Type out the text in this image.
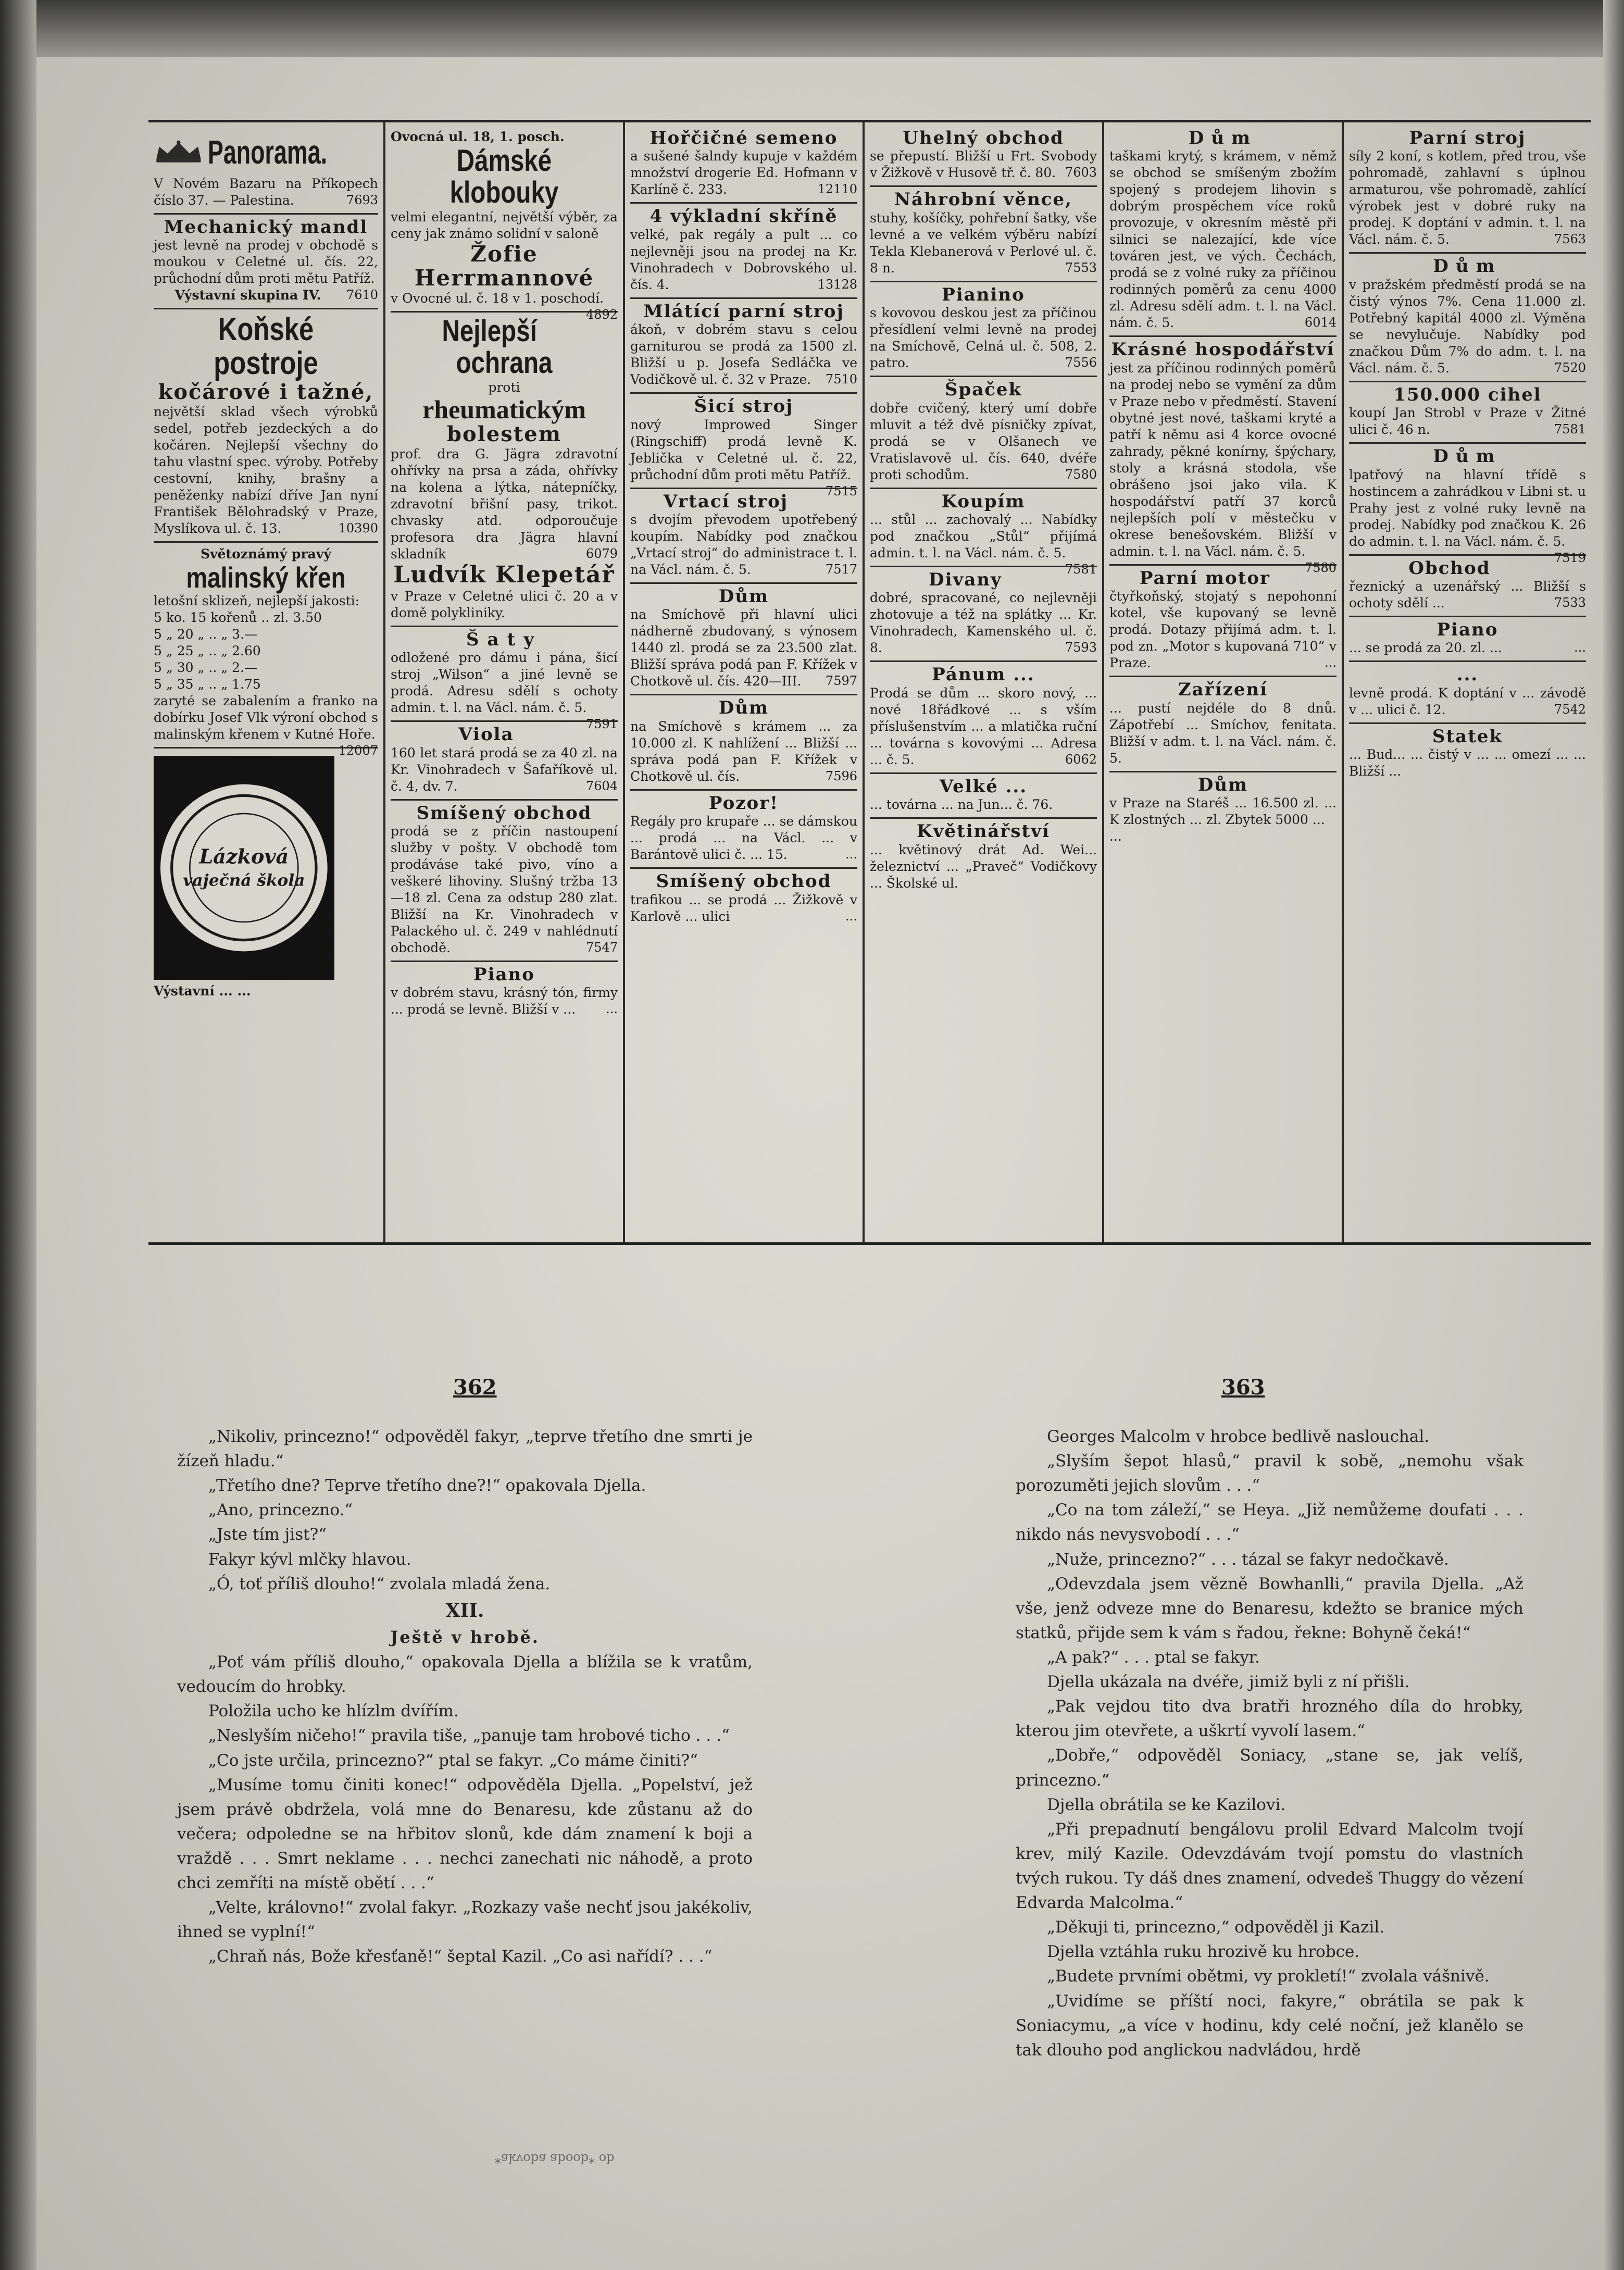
Panorama.
V Novém Bazaru na Příkopech číslo 37. — Palestina.	7693
Mechanický mandl
jest levně na prodej v obchodě s moukou v Celetné ul. čís. 22, průchodní dům proti mětu Patříž.
7610
Výstavní skupina IV.
Koňské postroje
kočárové i tažné,
největší sklad všech výrobků sedel, potřeb jezdeckých a do kočáren. Nejlepší všechny do tahu vlastní spec. výroby. Potřeby cestovní, knihy, brašny a peněženky nabízí dříve Jan nyní František Bělohradský v Praze, Myslíkova ul. č. 13.	10390
Světoznámý pravý
malinský křen
letošní sklizeň, nejlepší jakosti:
5 ko. 15 kořenů .. zl. 3.50
5 „ 20 „ .. „ 3.—
5 „ 25 „ .. „ 2.60
5 „ 30 „ .. „ 2.—
5 „ 35 „ .. „ 1.75
zaryté se zabalením a franko na dobírku Josef Vlk výroní obchod s malinským křenem v Kutné Hoře.
12007
Lázková
vaječná škola
Výstavní ... ...
Ovocná ul. 18, 1. posch.
Dámské klobouky
velmi elegantní, největší výběr, za ceny jak známo solidní v saloně
Žofie Herrmannové
v Ovocné ul. č. 18 v 1. poschodí.
4892
Nejlepší ochrana
proti
rheumatickým
bolestem
prof. dra G. Jägra zdravotní ohřívky na prsa a záda, ohřívky na kolena a lýtka, nátepníčky, zdravotní břišní pasy, trikot. chvasky atd. odporoučuje profesora dra Jägra hlavní skladník	6079
Ludvík Klepetář
v Praze v Celetné ulici č. 20 a v domě polykliniky.
Šaty
odložené pro dámu i pána, šicí stroj „Wilson“ a jiné levně se prodá. Adresu sdělí s ochoty admin. t. l. na Václ. nám. č. 5.
7591
Viola
160 let stará prodá se za 40 zl. na Kr. Vinohradech v Šafaříkově ul. č. 4, dv. 7.	7604
Smíšený obchod
prodá se z příčin nastoupení služby v pošty. V obchodě tom prodáváse také pivo, víno a veškeré lihoviny. Slušný tržba 13—18 zl. Cena za odstup 280 zlat. Bližší na Kr. Vinohradech v Palackého ul. č. 249 v nahlédnutí obchodě.	7547
Piano
v dobrém stavu, krásný tón, firmy ... prodá se levně. Bližší v ... ...
Hořčičné semeno
a sušené šalndy kupuje v každém množství drogerie Ed. Hofmann v Karlíně č. 233.	12110
4 výkladní skříně
velké, pak regály a pult ... co nejlevněji jsou na prodej na Kr. Vinohradech v Dobrovského ul. čís. 4.	13128
Mlátící parní stroj
ákoň, v dobrém stavu s celou garniturou se prodá za 1500 zl. Bližší u p. Josefa Sedláčka ve Vodičkově ul. č. 32 v Praze. 7510
Šicí stroj
nový Improwed Singer (Ringschiff) prodá levně K. Jeblička v Celetné ul. č. 22, průchodní dům proti mětu Patříž.
7515
Vrtací stroj
s dvojím převodem upotřebený koupím. Nabídky pod značkou „Vrtací stroj“ do administrace t. l. na Václ. nám. č. 5.	7517
Dům
na Smíchově při hlavní ulici nádherně zbudovaný, s výnosem 1440 zl. prodá se za 23.500 zlat. Bližší správa podá pan F. Křížek v Chotkově ul. čís. 420—III. 7597
Dům
na Smíchově s krámem ... za 10.000 zl. K nahlížení ... Bližší ... správa podá pan F. Křížek v Chotkově ul. čís.	7596
Pozor!
Regály pro krupaře ... se dámskou ... prodá ... na Václ. ... v Barántově ulici č. ... 15.	...
Smíšený obchod
trafikou ... se prodá ... Žižkově v Karlově ... ulici	...
Uhelný obchod
se přepustí. Bližší u Frt. Svobody v Žižkově v Husově tř. č. 80. 7603
Náhrobní věnce,
stuhy, košíčky, pohřební šatky, vše levné a ve velkém výběru nabízí Tekla Klebanerová v Perlové ul. č. 8 n.	7553
Pianino
s kovovou deskou jest za příčinou přesídlení velmi levně na prodej na Smíchově, Celná ul. č. 508, 2. patro.	7556
Špaček
dobře cvičený, který umí dobře mluvit a též dvě písničky zpívat, prodá se v Olšanech ve Vratislavově ul. čís. 640, dvéře proti schodům.	7580
Koupím
... stůl ... zachovalý ... Nabídky pod značkou „Stůl“ přijímá admin. t. l. na Václ. nám. č. 5.
7581
Divany
dobré, spracované, co nejlevněji zhotovuje a též na splátky ... Kr. Vinohradech, Kamenského ul. č. 8.	7593
Pánum ...
Prodá se dům ... skoro nový, ... nové 18řádkové ... s vším příslušenstvím ... a mlatička ruční ... továrna s kovovými ... Adresa ... č. 5.	6062
Velké ...
... továrna ... na Jun... č. 76.
Květinářství
... květinový drát Ad. Wei... železnictví ... „Praveč“ Vodičkovy ... Školské ul.
Dům
taškami krytý, s krámem, v němž se obchod se smíšeným zbožím spojený s prodejem lihovin s dobrým prospěchem více roků provozuje, v okresním městě při silnici se nalezající, kde více továren jest, ve vých. Čechách, prodá se z volné ruky za příčinou rodinných poměrů za cenu 4000 zl. Adresu sdělí adm. t. l. na Václ. nám. č. 5.	6014
Krásné hospodářství
jest za příčinou rodinných poměrů na prodej nebo se vymění za dům v Praze nebo v předměstí. Stavení obytné jest nové, taškami kryté a patří k němu asi 4 korce ovocné zahrady, pěkné konírny, špýchary, stoly a krásná stodola, vše obrášeno jsoi jako vila. K hospodářství patří 37 korců nejlepších polí v městečku v okrese benešovském. Bližší v admin. t. l. na Václ. nám. č. 5.
7580
Parní motor
čtyřkoňský, stojatý s nepohonní kotel, vše kupovaný se levně prodá. Dotazy přijímá adm. t. l. pod zn. „Motor s kupovaná 710“ v Praze.	...
Zařízení
... pustí nejdéle do 8 dnů. Zápotřebí ... Smíchov, fenitata. Bližší v adm. t. l. na Václ. nám. č. 5.
Dům
v Praze na Staréš ... 16.500 zl. ... K zlostných ... zl. Zbytek 5000 ...
...
Parní stroj
síly 2 koní, s kotlem, před trou, vše pohromadě, zahlavní s úplnou armaturou, vše pohromadě, zahlící výrobek jest v dobré ruky na prodej. K doptání v admin. t. l. na Václ. nám. č. 5.	7563
Dům
v pražském předměstí prodá se na čistý výnos 7%. Cena 11.000 zl. Potřebný kapitál 4000 zl. Výměna se nevylučuje. Nabídky pod značkou Dům 7% do adm. t. l. na Václ. nám. č. 5.	7520
150.000 cihel
koupí Jan Strobl v Praze v Žitné ulici č. 46 n.	7581
Dům
lpatřový na hlavní třídě s hostincem a zahrádkou v Libni st. u Prahy jest z volné ruky levně na prodej. Nabídky pod značkou K. 26 do admin. t. l. na Václ. nám. č. 5.
7519
Obchod
řeznický a uzenářský ... Bližší s ochoty sdělí ...	7533
Piano
... se prodá za 20. zl. ...	...
...
levně prodá. K doptání v ... závodě v ... ulici č. 12.	7542
Statek
... Bud... ... čistý v ... ... omezí ... ... Bližší ...
362	363

„Nikoliv, princezno!“ odpověděl fakyr, „teprve třetího dne smrti je žízeň hladu.“

„Třetího dne? Teprve třetího dne?!“ opakovala Djella.

„Ano, princezno.“

„Jste tím jist?“

Fakyr kývl mlčky hlavou.

„Ó, toť příliš dlouho!“ zvolala mladá žena.

XII.

Ještě v hrobě.

„Poť vám příliš dlouho,“ opakovala Djella a blížila se k vratům, vedoucím do hrobky.

Položila ucho ke hlízlm dvířím.

„Neslyším ničeho!“ pravila tiše, „panuje tam hrobové ticho . . .“

„Co jste určila, princezno?“ ptal se fakyr. „Co máme činiti?“

„Musíme tomu činiti konec!“ odpověděla Djella. „Popelství, jež jsem právě obdržela, volá mne do Benaresu, kde zůstanu až do večera; odpoledne se na hřbitov slonů, kde dám znamení k boji a vraždě . . . Smrt neklame . . . nechci zanechati nic náhodě, a proto chci zemříti na místě obětí . . .“

„Velte, královno!“ zvolal fakyr. „Rozkazy vaše nechť jsou jakékoliv, ihned se vyplní!“

„Chraň nás, Bože křesťaně!“ šeptal Kazil. „Co asi nařídí? . . .“

Georges Malcolm v hrobce bedlivě naslouchal.

„Slyším šepot hlasů,“ pravil k sobě, „nemohu však porozuměti jejich slovům . . .“

„Co na tom záleží,“ se Heya. „Již nemůžeme doufati . . . nikdo nás nevysvobodí . . .“

„Nuže, princezno?“ . . . tázal se fakyr nedočkavě.

„Odevzdala jsem vězně Bowhanlli,“ pravila Djella. „Až vše, jenž odveze mne do Benaresu, kdežto se branice mých statků, přijde sem k vám s řadou, řekne: Bohyně čeká!“

„A pak?“ . . . ptal se fakyr.

Djella ukázala na dvéře, jimiž byli z ní přišli.

„Pak vejdou tito dva bratři hrozného díla do hrobky, kterou jim otevřete, a uškrtí vyvolí lasem.“

„Dobře,“ odpověděl Soniacy, „stane se, jak velíš, princezno.“

Djella obrátila se ke Kazilovi.

„Při prepadnutí bengálovu prolil Edvard Malcolm tvojí krev, milý Kazile. Odevzdávám tvojí pomstu do vlastních tvých rukou. Ty dáš dnes znamení, odvedeš Thuggy do vězení Edvarda Malcolma.“

„Děkuji ti, princezno,“ odpověděl ji Kazil.

Djella vztáhla ruku hrozivě ku hrobce.

„Budete prvními obětmi, vy prokletí!“ zvolala vášnivě.

„Uvidíme se příští noci, fakyre,“ obrátila se pak k Soniacymu, „a více v hodinu, kdy celé noční, jež klanělo se tak dlouho pod anglickou nadvládou, hrdě

*akvoba aboob* ob
